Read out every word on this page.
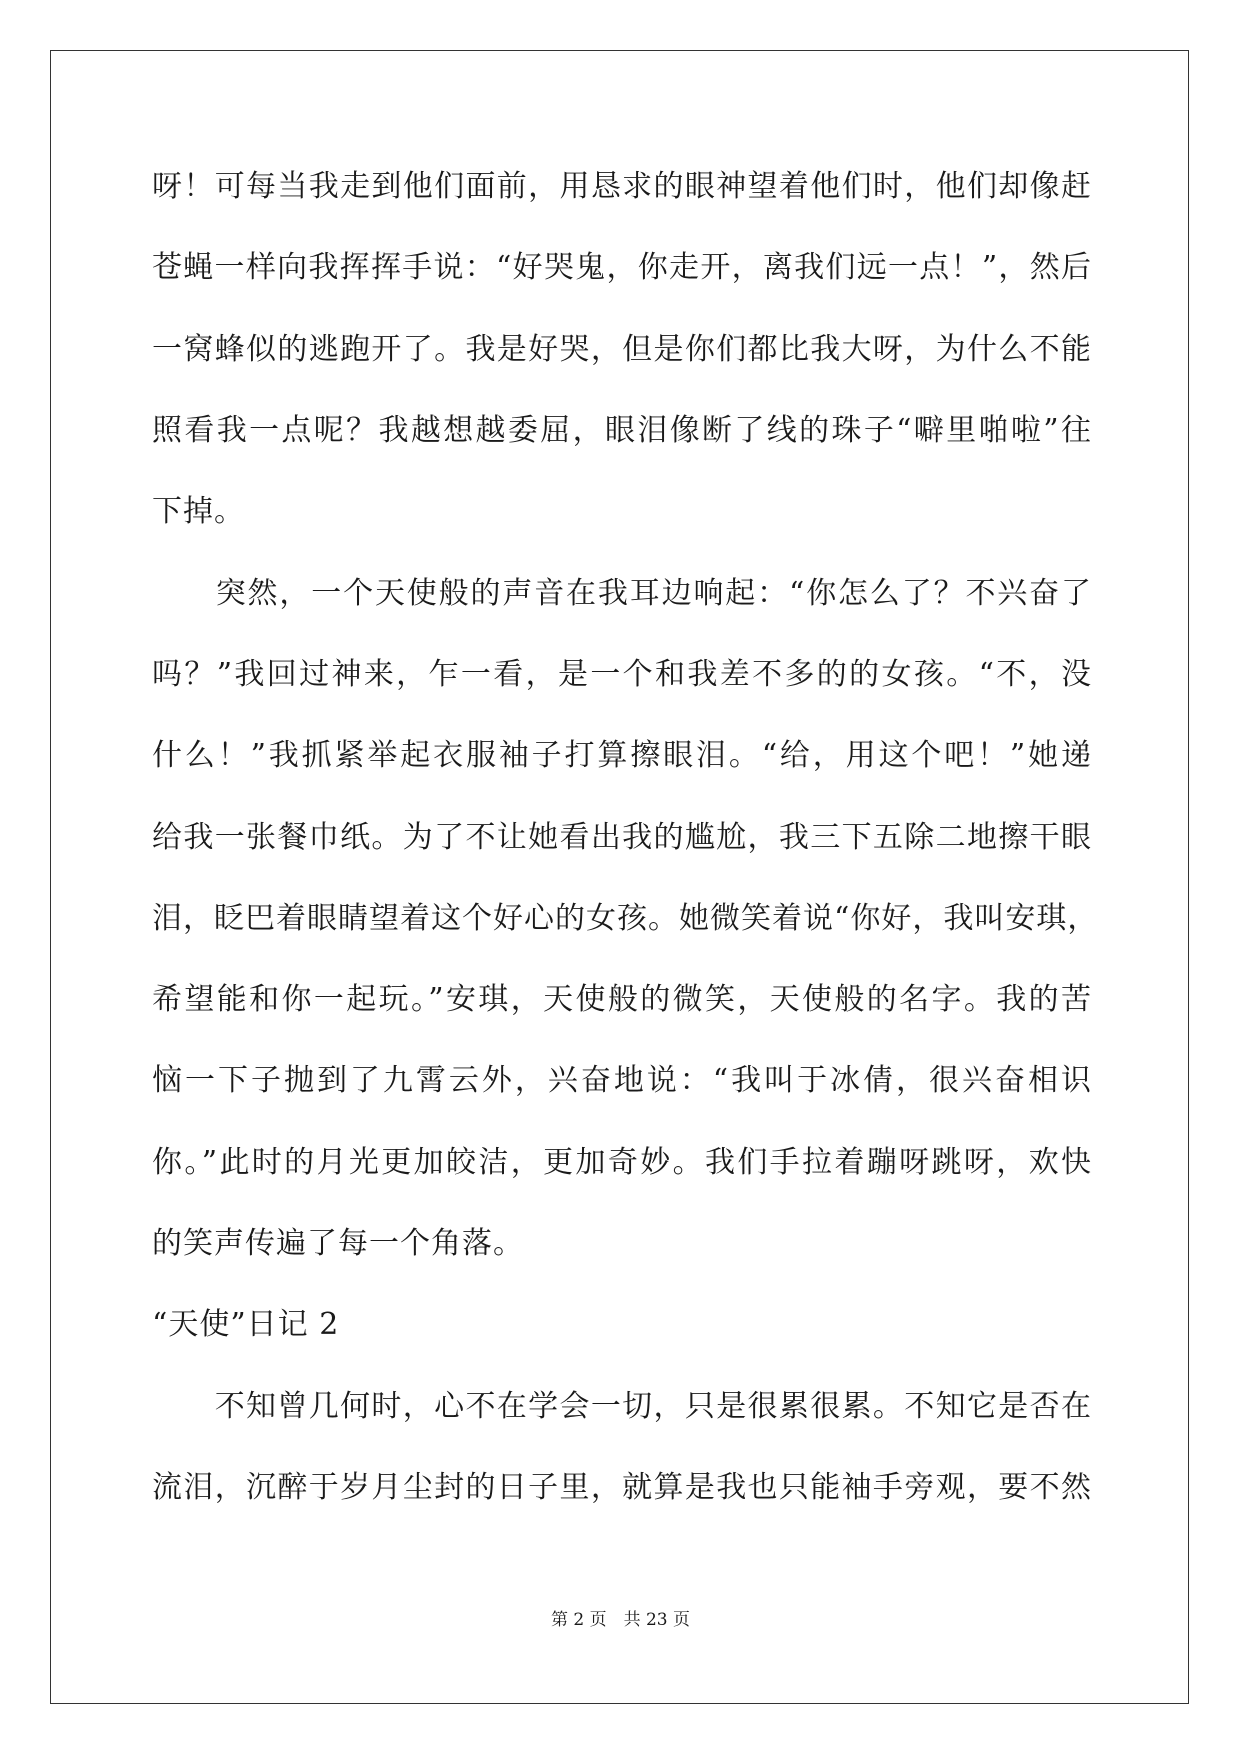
呀！可每当我走到他们面前，用恳求的眼神望着他们时，他们却像赶
苍蝇一样向我挥挥手说：“好哭鬼，你走开，离我们远一点！”，然后
一窝蜂似的逃跑开了。我是好哭，但是你们都比我大呀，为什么不能
照看我一点呢？我越想越委屈，眼泪像断了线的珠子“噼里啪啦”往
下掉。
　　突然，一个天使般的声音在我耳边响起：“你怎么了？不兴奋了
吗？”我回过神来，乍一看，是一个和我差不多的的女孩。“不，没
什么！”我抓紧举起衣服袖子打算擦眼泪。“给，用这个吧！”她递
给我一张餐巾纸。为了不让她看出我的尴尬，我三下五除二地擦干眼
泪，眨巴着眼睛望着这个好心的女孩。她微笑着说“你好，我叫安琪，
希望能和你一起玩。”安琪，天使般的微笑，天使般的名字。我的苦
恼一下子抛到了九霄云外，兴奋地说：“我叫于冰倩，很兴奋相识
你。”此时的月光更加皎洁，更加奇妙。我们手拉着蹦呀跳呀，欢快
的笑声传遍了每一个角落。
“天使”日记 2
　　不知曾几何时，心不在学会一切，只是很累很累。不知它是否在
流泪，沉醉于岁月尘封的日子里，就算是我也只能袖手旁观，要不然
第 2 页　共 23 页
